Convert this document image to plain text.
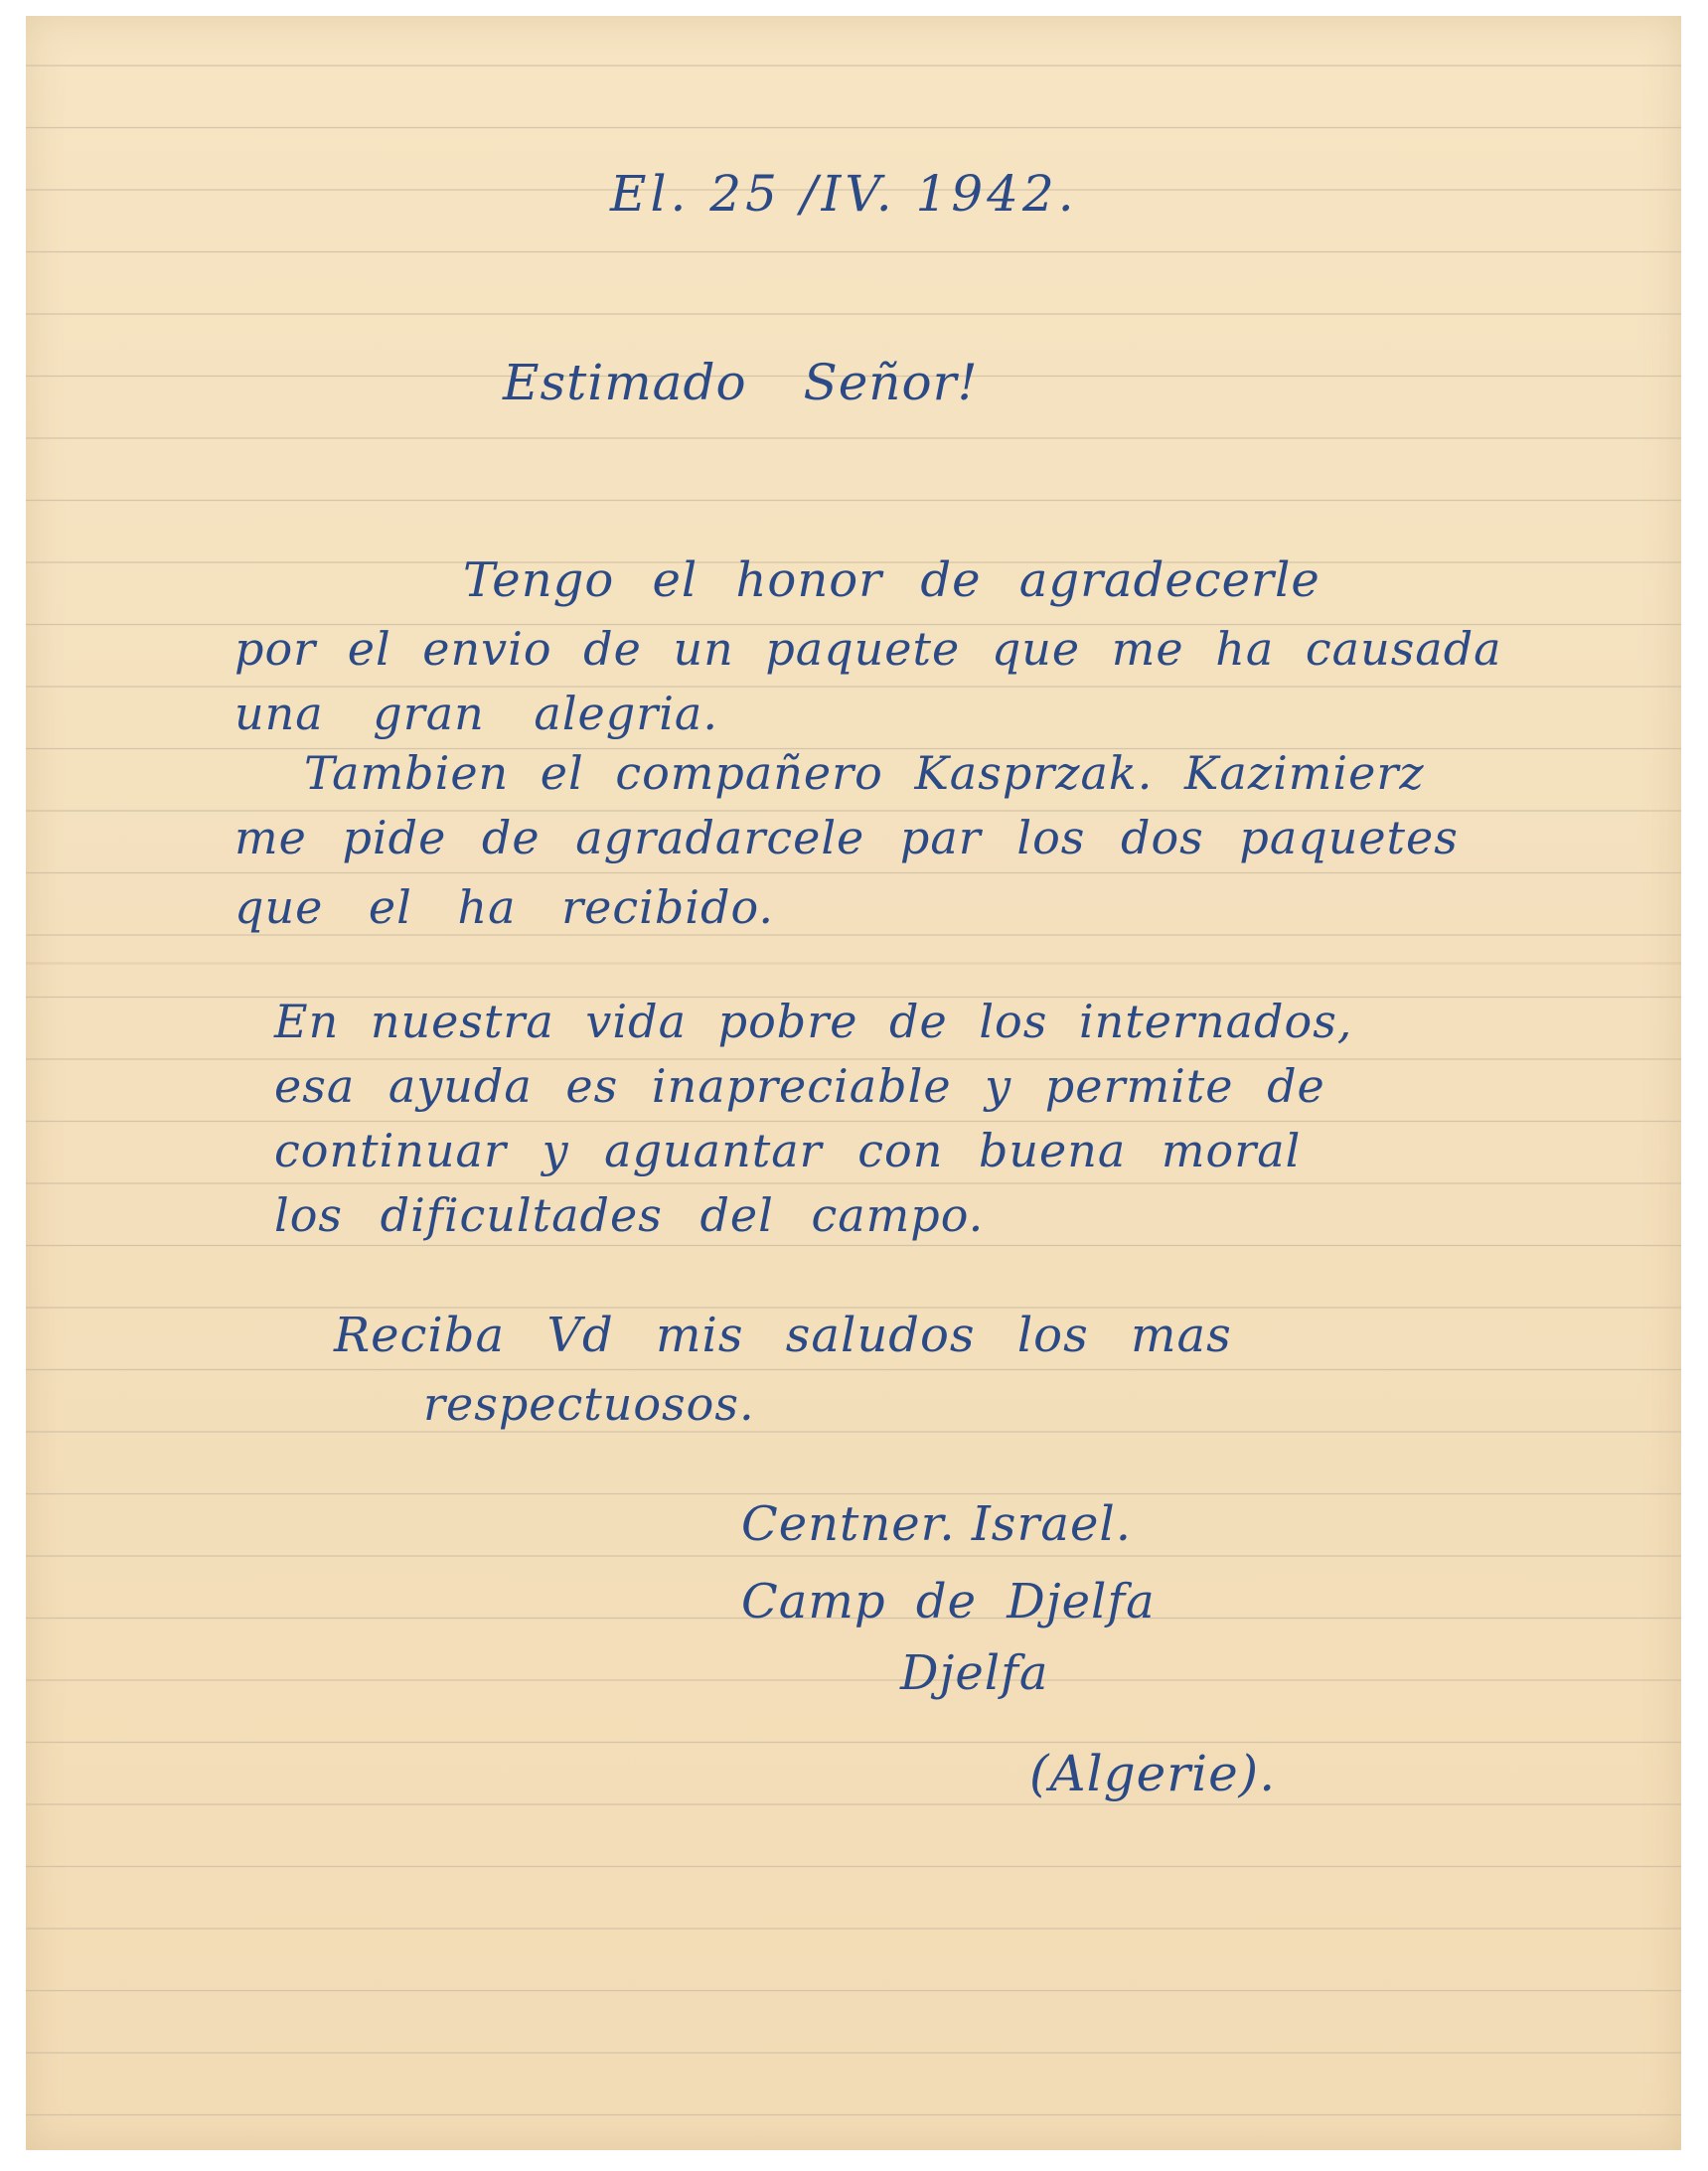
El. 25 /IV. 1942.
Estimado Señor!
Tengo el honor de agradecerle
por el envio de un paquete que me ha causada
una gran alegria.
Tambien el compañero Kasprzak. Kazimierz
me pide de agradarcele par los dos paquetes
que el ha recibido.
En nuestra vida pobre de los internados,
esa ayuda es inapreciable y permite de
continuar y aguantar con buena moral
los dificultades del campo.
Reciba Vd mis saludos los mas
respectuosos.
Centner. Israel.
Camp de Djelfa
Djelfa
(Algerie).
